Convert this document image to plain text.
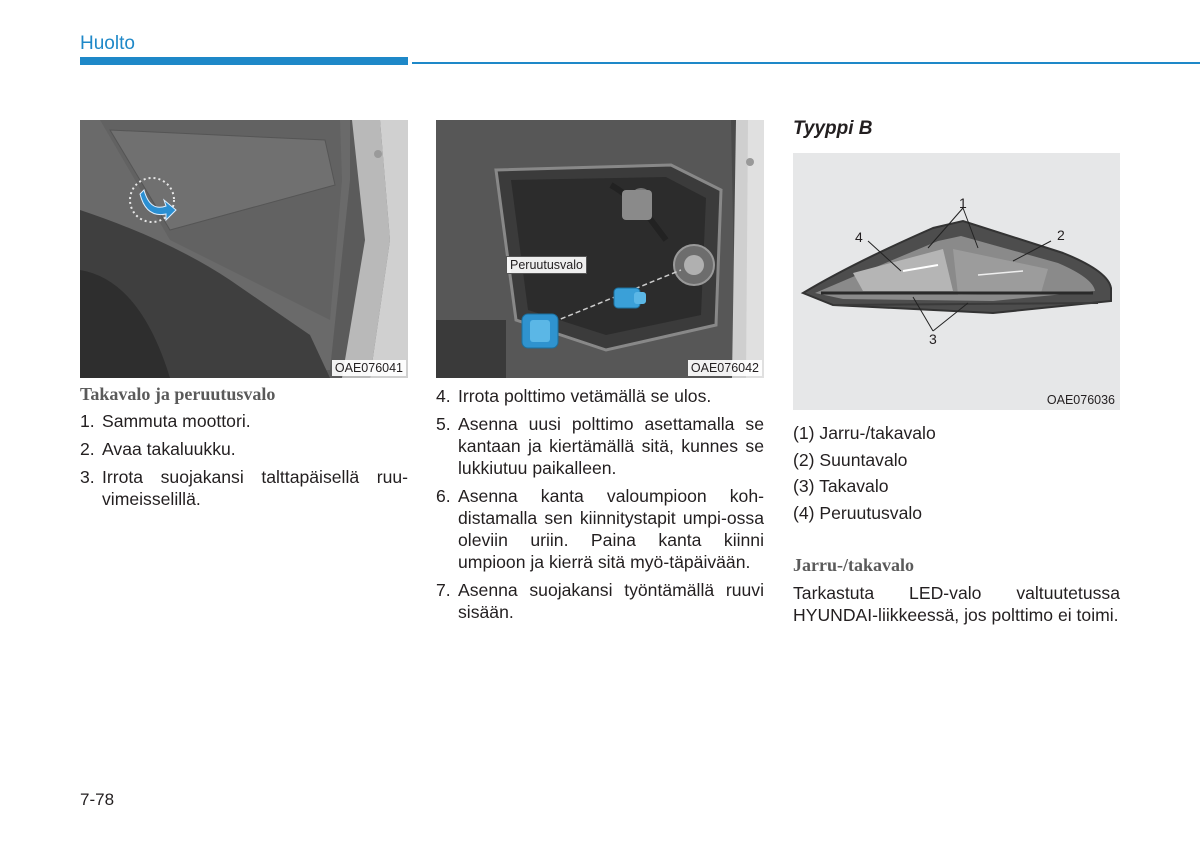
Huolto
OAE076041
Peruutusvalo
OAE076042
Tyyppi B
1
2
3
4
OAE076036
Takavalo ja peruutusvalo
1. Sammuta moottori.
2. Avaa takaluukku.
3. Irrota suojakansi talttapäisellä ruu-vimeisselillä.
4. Irrota polttimo vetämällä se ulos.
5. Asenna uusi polttimo asettamalla se kantaan ja kiertämällä sitä, kunnes se lukkiutuu paikalleen.
6. Asenna kanta valoumpioon koh-distamalla sen kiinnitystapit umpi-ossa oleviin uriin. Paina kanta kiinni umpioon ja kierrä sitä myö-täpäivään.
7. Asenna suojakansi työntämällä ruuvi sisään.
(1) Jarru-/takavalo
(2) Suuntavalo
(3) Takavalo
(4) Peruutusvalo
Jarru-/takavalo
Tarkastuta LED-valo valtuutetussa HYUNDAI-liikkeessä, jos polttimo ei toimi.
7-78
